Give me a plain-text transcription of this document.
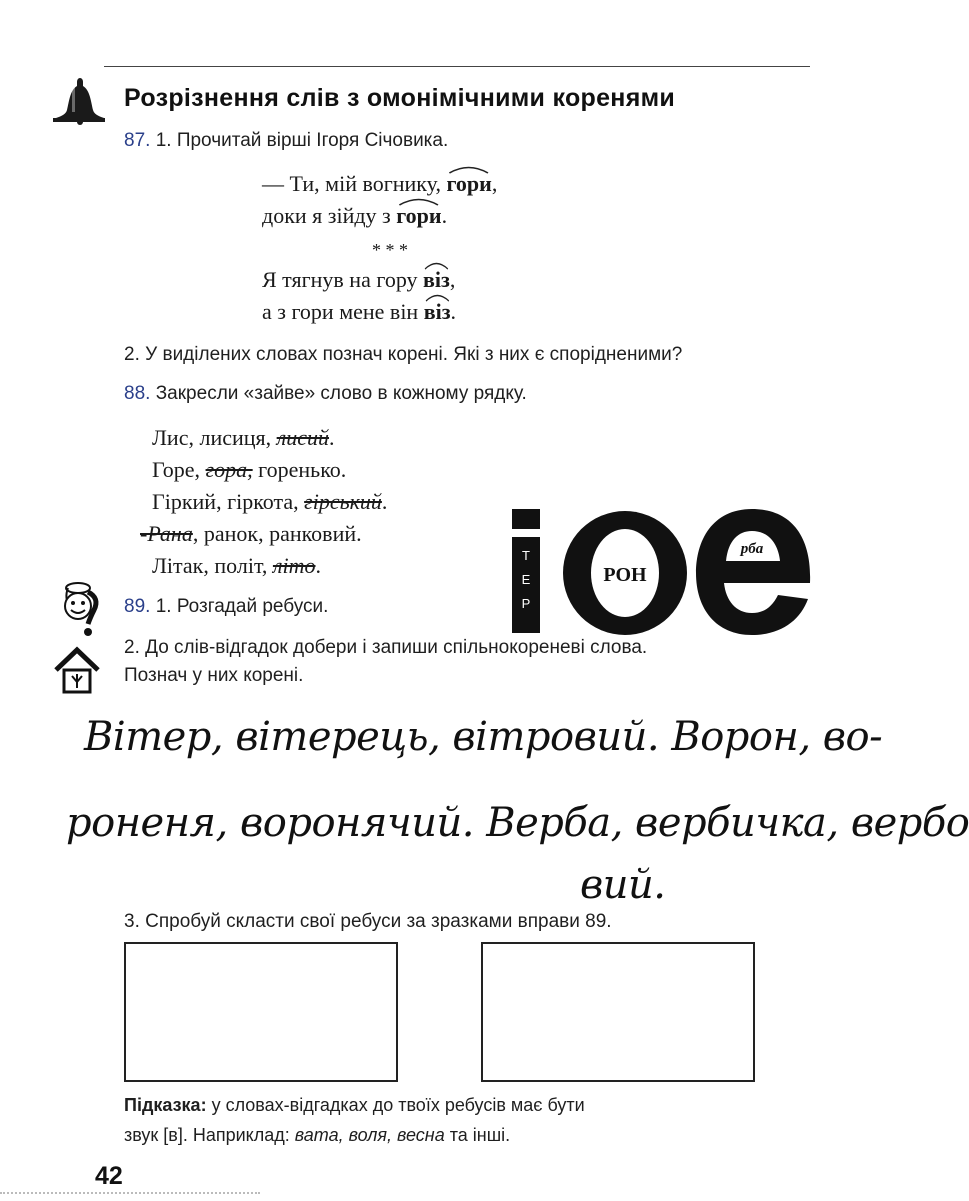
Розрізнення слів з омонімічними коренями
87. 1. Прочитай вірші Ігоря Січовика.
— Ти, мій вогнику,
гори,
доки я зійду з
гори.
* * *
Я тягнув на гору
віз,
а з гори мене він
віз.
2. У виділених словах познач корені. Які з них є спорідненими?
88. Закресли «зайве» слово в кожному рядку.
Лис, лисиця, лисий.
Горе, гора, горенько.
Гіркий, гіркота, гірський.
-Рана, ранок, ранковий.
Літак, політ, літо.	Т
Е
Р
РОН
рба
89. 1. Розгадай ребуси.
2. До слів-відгадок добери і запиши спільнокореневі слова.
Познач у них корені.
Вітер, вітерець, вітровий. Ворон, во-
роненя, воронячий. Верба, вербичка, вербо
вий.
3. Спробуй скласти свої ребуси за зразками вправи 89.
Підказка: у словах-відгадках до твоїх ребусів має бути
звук [в]. Наприклад: вата, воля, весна та інші.
42
